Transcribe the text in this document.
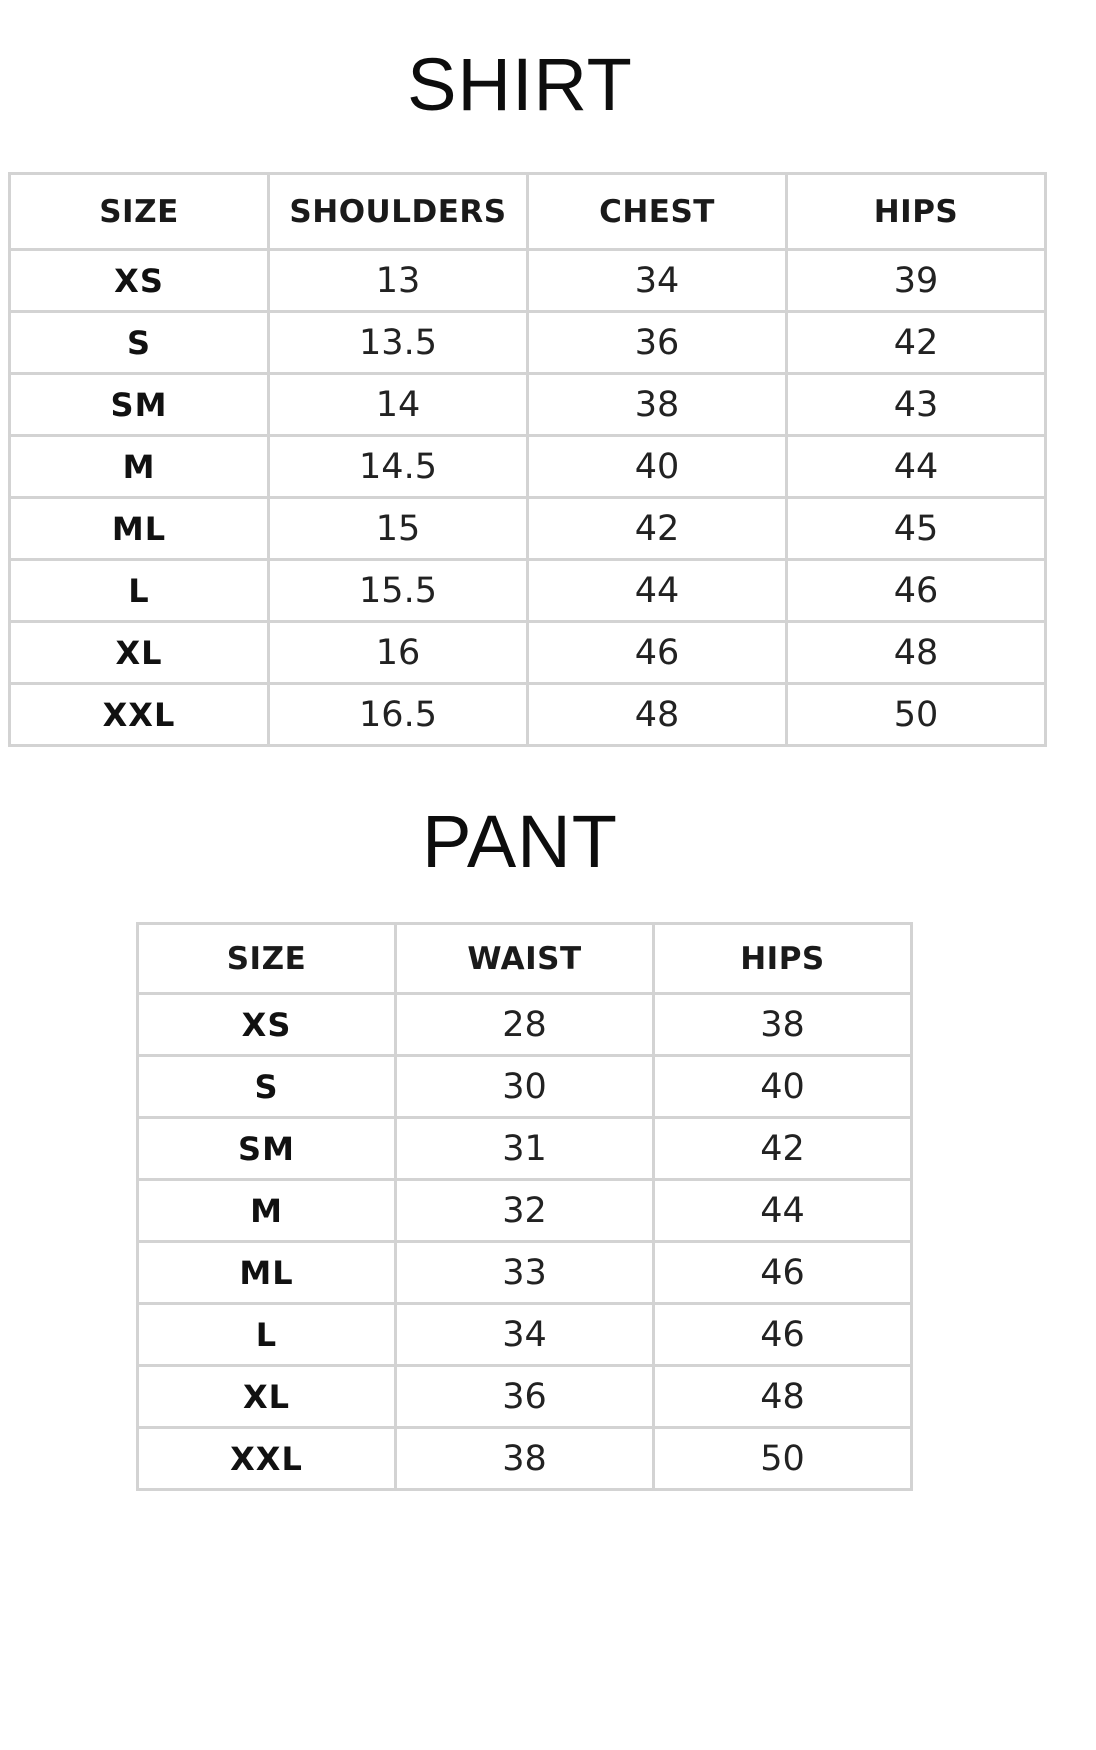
SHIRT
SIZE	SHOULDERS	CHEST	HIPS
XS	13	34	39
S	13.5	36	42
SM	14	38	43
M	14.5	40	44
ML	15	42	45
L	15.5	44	46
XL	16	46	48
XXL	16.5	48	50
PANT
SIZE	WAIST	HIPS
XS	28	38
S	30	40
SM	31	42
M	32	44
ML	33	46
L	34	46
XL	36	48
XXL	38	50
